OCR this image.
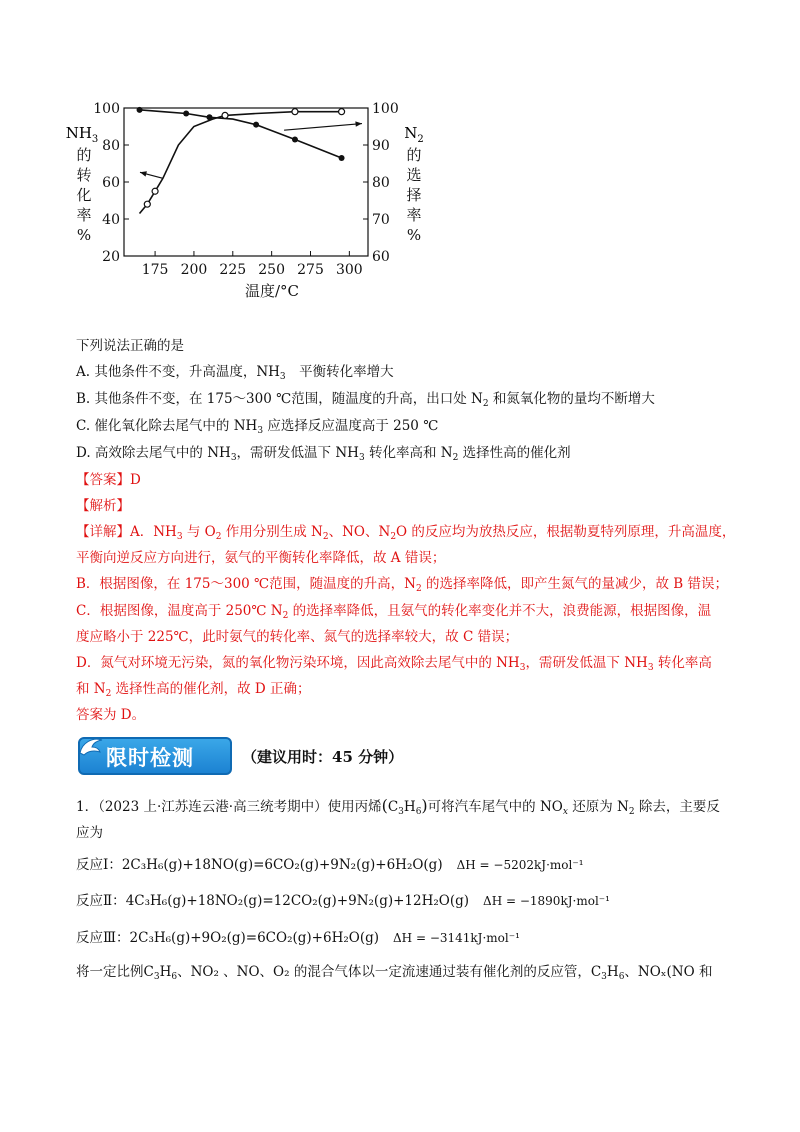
175 200 225 250 275 300
20
40
60
80
100
60
70
80
90
100
温度/°C
$NH_3$
的
转
化
率
%
$N_2$
的
选
择
率
%
下列说法正确的是
A. 其他条件不变，升高温度，$NH_3$　平衡转化率增大
B. 其他条件不变，在 175～300 ℃范围，随温度的升高，出口处 $N_2$ 和氮氧化物的量均不断增大
C. 催化氧化除去尾气中的 $NH_3$ 应选择反应温度高于 250 ℃
D. 高效除去尾气中的 $NH_3$，需研发低温下 $NH_3$ 转化率高和 $N_2$ 选择性高的催化剂
【答案】D
【解析】
【详解】A．$NH_3$ 与 $O_2$ 作用分别生成 $N_2$、NO、$N_2O$ 的反应均为放热反应，根据勒夏特列原理，升高温度，
平衡向逆反应方向进行，氨气的平衡转化率降低，故 A 错误；
B．根据图像，在 175～300 ℃范围，随温度的升高，$N_2$ 的选择率降低，即产生氮气的量减少，故 B 错误；
C．根据图像，温度高于 250℃ $N_2$ 的选择率降低，且氨气的转化率变化并不大，浪费能源，根据图像，温
度应略小于 225℃，此时氨气的转化率、氮气的选择率较大，故 C 错误；
D．氮气对环境无污染，氮的氧化物污染环境，因此高效除去尾气中的 $NH_3$，需研发低温下 $NH_3$ 转化率高
和 $N_2$ 选择性高的催化剂，故 D 正确；
答案为 D。
限时检测	（建议用时：45 分钟）
1．（2023 上·江苏连云港·高三统考期中）使用丙烯$(C_3H_6)$可将汽车尾气中的 $NO_x$ 还原为 $N_2$ 除去，主要反
应为
反应Ⅰ：2C₃H₆(g)+18NO(g)=6CO₂(g)+9N₂(g)+6H₂O(g) ΔH = −5202kJ·mol⁻¹
反应Ⅱ：4C₃H₆(g)+18NO₂(g)=12CO₂(g)+9N₂(g)+12H₂O(g) ΔH = −1890kJ·mol⁻¹
反应Ⅲ：2C₃H₆(g)+9O₂(g)=6CO₂(g)+6H₂O(g) ΔH = −3141kJ·mol⁻¹
将一定比例$C_3H_6$、NO₂ 、NO、O₂ 的混合气体以一定流速通过装有催化剂的反应管，$C_3H_6$、NOₓ(NO 和
